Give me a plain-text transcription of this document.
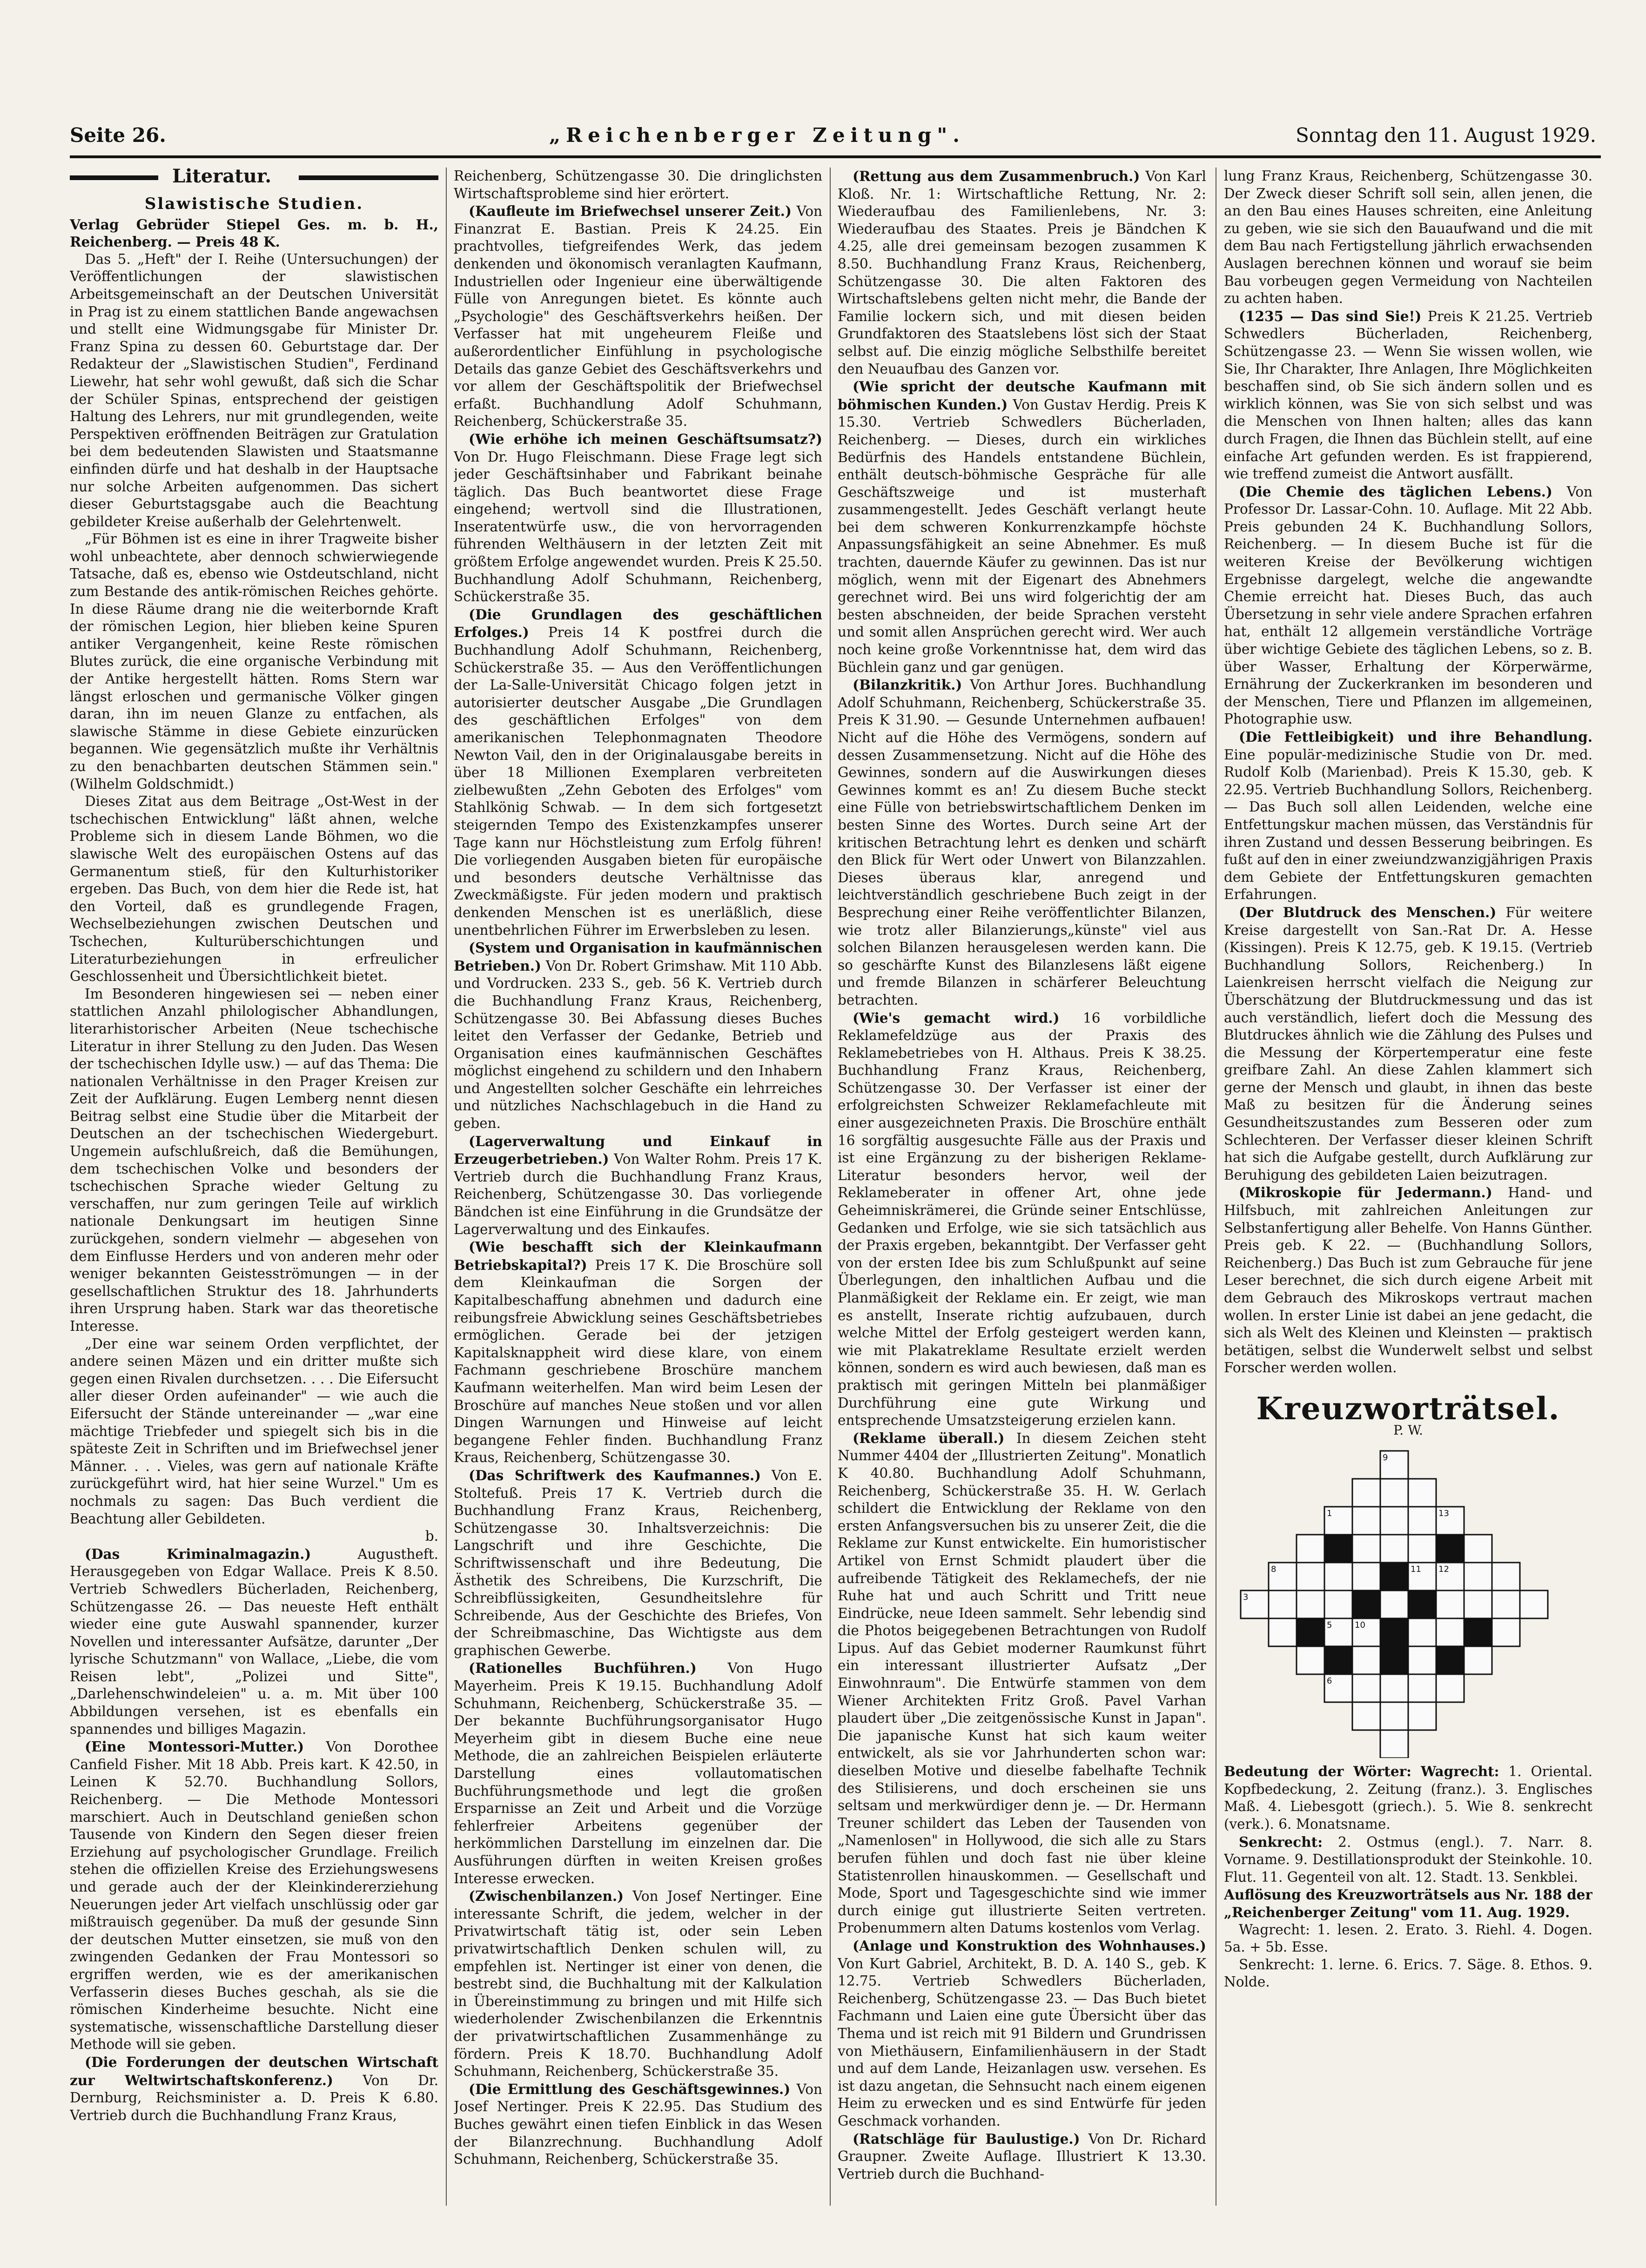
Seite 26.	„Reichenberger Zeitung".	Sonntag den 11. August 1929.
Literatur.
Slawistische Studien.

Verlag Gebrüder Stiepel Ges. m. b. H., Reichenberg. — Preis 48 K.

Das 5. „Heft" der I. Reihe (Untersuchungen) der Veröffentlichungen der slawistischen Arbeitsgemeinschaft an der Deutschen Universität in Prag ist zu einem stattlichen Bande angewachsen und stellt eine Widmungsgabe für Minister Dr. Franz Spina zu dessen 60. Geburtstage dar. Der Redakteur der „Slawistischen Studien", Ferdinand Liewehr, hat sehr wohl gewußt, daß sich die Schar der Schüler Spinas, entsprechend der geistigen Haltung des Lehrers, nur mit grundlegenden, weite Perspektiven eröffnenden Beiträgen zur Gratulation bei dem bedeutenden Slawisten und Staatsmanne einfinden dürfe und hat deshalb in der Hauptsache nur solche Arbeiten aufgenommen. Das sichert dieser Geburtstagsgabe auch die Beachtung gebildeter Kreise außerhalb der Gelehrtenwelt.

„Für Böhmen ist es eine in ihrer Tragweite bisher wohl unbeachtete, aber dennoch schwierwiegende Tatsache, daß es, ebenso wie Ostdeutschland, nicht zum Bestande des antik-römischen Reiches gehörte. In diese Räume drang nie die weiterbornde Kraft der römischen Legion, hier blieben keine Spuren antiker Vergangenheit, keine Reste römischen Blutes zurück, die eine organische Verbindung mit der Antike hergestellt hätten. Roms Stern war längst erloschen und germanische Völker gingen daran, ihn im neuen Glanze zu entfachen, als slawische Stämme in diese Gebiete einzurücken begannen. Wie gegensätzlich mußte ihr Verhältnis zu den benachbarten deutschen Stämmen sein." (Wilhelm Goldschmidt.)

Dieses Zitat aus dem Beitrage „Ost-West in der tschechischen Entwicklung" läßt ahnen, welche Probleme sich in diesem Lande Böhmen, wo die slawische Welt des europäischen Ostens auf das Germanentum stieß, für den Kulturhistoriker ergeben. Das Buch, von dem hier die Rede ist, hat den Vorteil, daß es grundlegende Fragen, Wechselbeziehungen zwischen Deutschen und Tschechen, Kulturüberschichtungen und Literaturbeziehungen in erfreulicher Geschlossenheit und Übersichtlichkeit bietet.

Im Besonderen hingewiesen sei — neben einer stattlichen Anzahl philologischer Abhandlungen, literarhistorischer Arbeiten (Neue tschechische Literatur in ihrer Stellung zu den Juden. Das Wesen der tschechischen Idylle usw.) — auf das Thema: Die nationalen Verhältnisse in den Prager Kreisen zur Zeit der Aufklärung. Eugen Lemberg nennt diesen Beitrag selbst eine Studie über die Mitarbeit der Deutschen an der tschechischen Wiedergeburt. Ungemein aufschlußreich, daß die Bemühungen, dem tschechischen Volke und besonders der tschechischen Sprache wieder Geltung zu verschaffen, nur zum geringen Teile auf wirklich nationale Denkungsart im heutigen Sinne zurückgehen, sondern vielmehr — abgesehen von dem Einflusse Herders und von anderen mehr oder weniger bekannten Geistesströmungen — in der gesellschaftlichen Struktur des 18. Jahrhunderts ihren Ursprung haben. Stark war das theoretische Interesse.

„Der eine war seinem Orden verpflichtet, der andere seinen Mäzen und ein dritter mußte sich gegen einen Rivalen durchsetzen. . . . Die Eifersucht aller dieser Orden aufeinander" — wie auch die Eifersucht der Stände untereinander — „war eine mächtige Triebfeder und spiegelt sich bis in die späteste Zeit in Schriften und im Briefwechsel jener Männer. . . . Vieles, was gern auf nationale Kräfte zurückgeführt wird, hat hier seine Wurzel." Um es nochmals zu sagen: Das Buch verdient die Beachtung aller Gebildeten.

b.

(Das Kriminalmagazin.)	Augustheft. Herausgegeben von Edgar Wallace. Preis K 8.50. Vertrieb Schwedlers Bücherladen, Reichenberg, Schützengasse 26. — Das neueste Heft enthält wieder eine gute Auswahl spannender, kurzer Novellen und interessanter Aufsätze, darunter „Der lyrische Schutzmann" von Wallace, „Liebe, die vom Reisen lebt", „Polizei und Sitte", „Darlehenschwindeleien" u. a. m. Mit über 100 Abbildungen versehen, ist es ebenfalls ein spannendes und billiges Magazin.

(Eine Montessori-Mutter.) Von Dorothee Canfield Fisher. Mit 18 Abb. Preis kart. K 42.50, in Leinen K 52.70. Buchhandlung Sollors, Reichenberg. — Die Methode Montessori marschiert. Auch in Deutschland genießen schon Tausende von Kindern den Segen dieser freien Erziehung auf psychologischer Grundlage. Freilich stehen die offiziellen Kreise des Erziehungswesens und gerade auch der der Kleinkindererziehung Neuerungen jeder Art vielfach unschlüssig oder gar mißtrauisch gegenüber. Da muß der gesunde Sinn der deutschen Mutter einsetzen, sie muß von den zwingenden Gedanken der Frau Montessori so ergriffen werden, wie es der amerikanischen Verfasserin dieses Buches geschah, als sie die römischen Kinderheime besuchte. Nicht eine systematische, wissenschaftliche Darstellung dieser Methode will sie geben.

(Die Forderungen der deutschen Wirtschaft zur Weltwirtschaftskonferenz.) Von Dr. Dernburg, Reichsminister a. D. Preis K 6.80. Vertrieb durch die Buchhandlung Franz Kraus,

Reichenberg, Schützengasse 30. Die dringlichsten Wirtschaftsprobleme sind hier erörtert.

(Kaufleute im Briefwechsel unserer Zeit.) Von Finanzrat E. Bastian. Preis K 24.25. Ein prachtvolles, tiefgreifendes Werk, das jedem denkenden und ökonomisch veranlagten Kaufmann, Industriellen oder Ingenieur eine überwältigende Fülle von Anregungen bietet. Es könnte auch „Psychologie" des Geschäftsverkehrs heißen. Der Verfasser hat mit ungeheurem Fleiße und außerordentlicher Einfühlung in psychologische Details das ganze Gebiet des Geschäftsverkehrs und vor allem der Geschäftspolitik der Briefwechsel erfaßt. Buchhandlung Adolf Schuhmann, Reichenberg, Schückerstraße 35.

(Wie erhöhe ich meinen Geschäftsumsatz?) Von Dr. Hugo Fleischmann. Diese Frage legt sich jeder Geschäftsinhaber und Fabrikant beinahe täglich. Das Buch beantwortet diese Frage eingehend; wertvoll sind die Illustrationen, Inseratentwürfe usw., die von hervorragenden führenden Welthäusern in der letzten Zeit mit größtem Erfolge angewendet wurden. Preis K 25.50. Buchhandlung Adolf Schuhmann, Reichenberg, Schückerstraße 35.

(Die Grundlagen des geschäftlichen Erfolges.) Preis 14 K postfrei durch die Buchhandlung Adolf Schuhmann, Reichenberg, Schückerstraße 35. — Aus den Veröffentlichungen der La-Salle-Universität Chicago folgen jetzt in autorisierter deutscher Ausgabe „Die Grundlagen des geschäftlichen Erfolges" von dem amerikanischen Telephonmagnaten Theodore Newton Vail, den in der Originalausgabe bereits in über 18 Millionen Exemplaren verbreiteten zielbewußten „Zehn Geboten des Erfolges" vom Stahlkönig Schwab. — In dem sich fortgesetzt steigernden Tempo des Existenzkampfes unserer Tage kann nur Höchstleistung zum Erfolg führen! Die vorliegenden Ausgaben bieten für europäische und besonders deutsche Verhältnisse das Zweckmäßigste. Für jeden modern und praktisch denkenden Menschen ist es unerläßlich, diese unentbehrlichen Führer im Erwerbsleben zu lesen.

(System und Organisation in kaufmännischen Betrieben.) Von Dr. Robert Grimshaw. Mit 110 Abb. und Vordrucken. 233 S., geb. 56 K. Vertrieb durch die Buchhandlung Franz Kraus, Reichenberg, Schützengasse 30. Bei Abfassung dieses Buches leitet den Verfasser der Gedanke, Betrieb und Organisation eines kaufmännischen Geschäftes möglichst eingehend zu schildern und den Inhabern und Angestellten solcher Geschäfte ein lehrreiches und nützliches Nachschlagebuch in die Hand zu geben.

(Lagerverwaltung und Einkauf in Erzeugerbetrieben.) Von Walter Rohm. Preis 17 K. Vertrieb durch die Buchhandlung Franz Kraus, Reichenberg, Schützengasse 30. Das vorliegende Bändchen ist eine Einführung in die Grundsätze der Lagerverwaltung und des Einkaufes.

(Wie beschafft sich der Kleinkaufmann Betriebskapital?) Preis 17 K. Die Broschüre soll dem Kleinkaufman die Sorgen der Kapitalbeschaffung abnehmen und dadurch eine reibungsfreie Abwicklung seines Geschäftsbetriebes ermöglichen. Gerade bei der jetzigen Kapitalsknappheit wird diese klare, von einem Fachmann geschriebene Broschüre manchem Kaufmann weiterhelfen. Man wird beim Lesen der Broschüre auf manches Neue stoßen und vor allen Dingen Warnungen und Hinweise auf leicht begangene Fehler finden. Buchhandlung Franz Kraus, Reichenberg, Schützengasse 30.

(Das Schriftwerk des Kaufmannes.) Von E. Stoltefuß. Preis 17 K. Vertrieb durch die Buchhandlung Franz Kraus, Reichenberg, Schützengasse 30. Inhaltsverzeichnis: Die Langschrift und ihre Geschichte, Die Schriftwissenschaft und ihre Bedeutung, Die Ästhetik des Schreibens, Die Kurzschrift, Die Schreibflüssigkeiten, Gesundheitslehre für Schreibende, Aus der Geschichte des Briefes, Von der Schreibmaschine, Das Wichtigste aus dem graphischen Gewerbe.

(Rationelles Buchführen.) Von Hugo Mayerheim. Preis K 19.15. Buchhandlung Adolf Schuhmann, Reichenberg, Schückerstraße 35. — Der bekannte Buchführungsorganisator Hugo Meyerheim gibt in diesem Buche eine neue Methode, die an zahlreichen Beispielen erläuterte Darstellung eines vollautomatischen Buchführungsmethode und legt die großen Ersparnisse an Zeit und Arbeit und die Vorzüge fehlerfreier Arbeitens gegenüber der herkömmlichen Darstellung im einzelnen dar. Die Ausführungen dürften in weiten Kreisen großes Interesse erwecken.

(Zwischenbilanzen.) Von Josef Nertinger. Eine interessante Schrift, die jedem, welcher in der Privatwirtschaft tätig ist, oder sein Leben privatwirtschaftlich Denken schulen will, zu empfehlen ist. Nertinger ist einer von denen, die bestrebt sind, die Buchhaltung mit der Kalkulation in Übereinstimmung zu bringen und mit Hilfe sich wiederholender Zwischenbilanzen die Erkenntnis der privatwirtschaftlichen Zusammenhänge zu fördern. Preis K 18.70. Buchhandlung Adolf Schuhmann, Reichenberg, Schückerstraße 35.

(Die Ermittlung des Geschäftsgewinnes.) Von Josef Nertinger. Preis K 22.95. Das Studium des Buches gewährt einen tiefen Einblick in das Wesen der Bilanzrechnung. Buchhandlung Adolf Schuhmann, Reichenberg, Schückerstraße 35.

(Rettung aus dem Zusammenbruch.) Von Karl Kloß. Nr. 1: Wirtschaftliche Rettung, Nr. 2: Wiederaufbau des Familienlebens, Nr. 3: Wiederaufbau des Staates. Preis je Bändchen K 4.25, alle drei gemeinsam bezogen zusammen K 8.50. Buchhandlung Franz Kraus, Reichenberg, Schützengasse 30. Die alten Faktoren des Wirtschaftslebens gelten nicht mehr, die Bande der Familie lockern sich, und mit diesen beiden Grundfaktoren des Staatslebens löst sich der Staat selbst auf. Die einzig mögliche Selbsthilfe bereitet den Neuaufbau des Ganzen vor.

(Wie spricht der deutsche Kaufmann mit böhmischen Kunden.) Von Gustav Herdig. Preis K 15.30. Vertrieb Schwedlers Bücherladen, Reichenberg. — Dieses, durch ein wirkliches Bedürfnis des Handels entstandene Büchlein, enthält deutsch-böhmische Gespräche für alle Geschäftszweige und ist musterhaft zusammengestellt. Jedes Geschäft verlangt heute bei dem schweren Konkurrenzkampfe höchste Anpassungsfähigkeit an seine Abnehmer. Es muß trachten, dauernde Käufer zu gewinnen. Das ist nur möglich, wenn mit der Eigenart des Abnehmers gerechnet wird. Bei uns wird folgerichtig der am besten abschneiden, der beide Sprachen versteht und somit allen Ansprüchen gerecht wird. Wer auch noch keine große Vorkenntnisse hat, dem wird das Büchlein ganz und gar genügen.

(Bilanzkritik.) Von Arthur Jores. Buchhandlung Adolf Schuhmann, Reichenberg, Schückerstraße 35. Preis K 31.90. — Gesunde Unternehmen aufbauen! Nicht auf die Höhe des Vermögens, sondern auf dessen Zusammensetzung. Nicht auf die Höhe des Gewinnes, sondern auf die Auswirkungen dieses Gewinnes kommt es an! Zu diesem Buche steckt eine Fülle von betriebswirtschaftlichem Denken im besten Sinne des Wortes. Durch seine Art der kritischen Betrachtung lehrt es denken und schärft den Blick für Wert oder Unwert von Bilanzzahlen. Dieses überaus klar, anregend und leichtverständlich geschriebene Buch zeigt in der Besprechung einer Reihe veröffentlichter Bilanzen, wie trotz aller Bilanzierungs„künste" viel aus solchen Bilanzen herausgelesen werden kann. Die so geschärfte Kunst des Bilanzlesens läßt eigene und fremde Bilanzen in schärferer Beleuchtung betrachten.

(Wie's gemacht wird.) 16 vorbildliche Reklamefeldzüge aus der Praxis des Reklamebetriebes von H. Althaus. Preis K 38.25. Buchhandlung Franz Kraus, Reichenberg, Schützengasse 30. Der Verfasser ist einer der erfolgreichsten Schweizer Reklamefachleute mit einer ausgezeichneten Praxis. Die Broschüre enthält 16 sorgfältig ausgesuchte Fälle aus der Praxis und ist eine Ergänzung zu der bisherigen Reklame-Literatur besonders hervor, weil der Reklameberater in offener Art, ohne jede Geheimniskrämerei, die Gründe seiner Entschlüsse, Gedanken und Erfolge, wie sie sich tatsächlich aus der Praxis ergeben, bekanntgibt. Der Verfasser geht von der ersten Idee bis zum Schlußpunkt auf seine Überlegungen, den inhaltlichen Aufbau und die Planmäßigkeit der Reklame ein. Er zeigt, wie man es anstellt, Inserate richtig aufzubauen, durch welche Mittel der Erfolg gesteigert werden kann, wie mit Plakatreklame Resultate erzielt werden können, sondern es wird auch bewiesen, daß man es praktisch mit geringen Mitteln bei planmäßiger Durchführung eine gute Wirkung und entsprechende Umsatzsteigerung erzielen kann.

(Reklame überall.) In diesem Zeichen steht Nummer 4404 der „Illustrierten Zeitung". Monatlich K 40.80. Buchhandlung Adolf Schuhmann, Reichenberg, Schückerstraße 35. H. W. Gerlach schildert die Entwicklung der Reklame von den ersten Anfangsversuchen bis zu unserer Zeit, die die Reklame zur Kunst entwickelte. Ein humoristischer Artikel von Ernst Schmidt plaudert über die aufreibende Tätigkeit des Reklamechefs, der nie Ruhe hat und auch Schritt und Tritt neue Eindrücke, neue Ideen sammelt. Sehr lebendig sind die Photos beigegebenen Betrachtungen von Rudolf Lipus. Auf das Gebiet moderner Raumkunst führt ein interessant illustrierter Aufsatz „Der Einwohnraum". Die Entwürfe stammen von dem Wiener Architekten Fritz Groß. Pavel Varhan plaudert über „Die zeitgenössische Kunst in Japan". Die japanische Kunst hat sich kaum weiter entwickelt, als sie vor Jahrhunderten schon war: dieselben Motive und dieselbe fabelhafte Technik des Stilisierens, und doch erscheinen sie uns seltsam und merkwürdiger denn je. — Dr. Hermann Treuner schildert das Leben der Tausenden von „Namenlosen" in Hollywood, die sich alle zu Stars berufen fühlen und doch fast nie über kleine Statistenrollen hinauskommen. — Gesellschaft und Mode, Sport und Tagesgeschichte sind wie immer durch einige gut illustrierte Seiten vertreten. Probenummern alten Datums kostenlos vom Verlag.

(Anlage und Konstruktion des Wohnhauses.) Von Kurt Gabriel, Architekt, B. D. A. 140 S., geb. K 12.75. Vertrieb Schwedlers Bücherladen, Reichenberg, Schützengasse 23. — Das Buch bietet Fachmann und Laien eine gute Übersicht über das Thema und ist reich mit 91 Bildern und Grundrissen von Miethäusern, Einfamilienhäusern in der Stadt und auf dem Lande, Heizanlagen usw. versehen. Es ist dazu angetan, die Sehnsucht nach einem eigenen Heim zu erwecken und es sind Entwürfe für jeden Geschmack vorhanden.

(Ratschläge für Baulustige.) Von Dr. Richard Graupner. Zweite Auflage. Illustriert K 13.30. Vertrieb durch die Buchhand-

lung Franz Kraus, Reichenberg, Schützengasse 30. Der Zweck dieser Schrift soll sein, allen jenen, die an den Bau eines Hauses schreiten, eine Anleitung zu geben, wie sie sich den Bauaufwand und die mit dem Bau nach Fertigstellung jährlich erwachsenden Auslagen berechnen können und worauf sie beim Bau vorbeugen gegen Vermeidung von Nachteilen zu achten haben.

(1235 — Das sind Sie!) Preis K 21.25. Vertrieb Schwedlers Bücherladen, Reichenberg, Schützengasse 23. — Wenn Sie wissen wollen, wie Sie, Ihr Charakter, Ihre Anlagen, Ihre Möglichkeiten beschaffen sind, ob Sie sich ändern sollen und es wirklich können, was Sie von sich selbst und was die Menschen von Ihnen halten; alles das kann durch Fragen, die Ihnen das Büchlein stellt, auf eine einfache Art gefunden werden. Es ist frappierend, wie treffend zumeist die Antwort ausfällt.

(Die Chemie des täglichen Lebens.) Von Professor Dr. Lassar-Cohn. 10. Auflage. Mit 22 Abb. Preis gebunden 24 K. Buchhandlung Sollors, Reichenberg. — In diesem Buche ist für die weiteren Kreise der Bevölkerung wichtigen Ergebnisse dargelegt, welche die angewandte Chemie erreicht hat. Dieses Buch, das auch Übersetzung in sehr viele andere Sprachen erfahren hat, enthält 12 allgemein verständliche Vorträge über wichtige Gebiete des täglichen Lebens, so z. B. über Wasser, Erhaltung der Körperwärme, Ernährung der Zuckerkranken im besonderen und der Menschen, Tiere und Pflanzen im allgemeinen, Photographie usw.

(Die Fettleibigkeit) und ihre Behandlung. Eine populär-medizinische Studie von Dr. med. Rudolf Kolb (Marienbad). Preis K 15.30, geb. K 22.95. Vertrieb Buchhandlung Sollors, Reichenberg. — Das Buch soll allen Leidenden, welche eine Entfettungskur machen müssen, das Verständnis für ihren Zustand und dessen Besserung beibringen. Es fußt auf den in einer zweiundzwanzigjährigen Praxis dem Gebiete der Entfettungskuren gemachten Erfahrungen.

(Der Blutdruck des Menschen.) Für weitere Kreise dargestellt von San.-Rat Dr. A. Hesse (Kissingen). Preis K 12.75, geb. K 19.15. (Vertrieb Buchhandlung Sollors, Reichenberg.) In Laienkreisen herrscht vielfach die Neigung zur Überschätzung der Blutdruckmessung und das ist auch verständlich, liefert doch die Messung des Blutdruckes ähnlich wie die Zählung des Pulses und die Messung der Körpertemperatur eine feste greifbare Zahl. An diese Zahlen klammert sich gerne der Mensch und glaubt, in ihnen das beste Maß zu besitzen für die Änderung seines Gesundheitszustandes zum Besseren oder zum Schlechteren. Der Verfasser dieser kleinen Schrift hat sich die Aufgabe gestellt, durch Aufklärung zur Beruhigung des gebildeten Laien beizutragen.

(Mikroskopie für Jedermann.) Hand- und Hilfsbuch, mit zahlreichen Anleitungen zur Selbstanfertigung aller Behelfe. Von Hanns Günther. Preis geb. K 22. — (Buchhandlung Sollors, Reichenberg.) Das Buch ist zum Gebrauche für jene Leser berechnet, die sich durch eigene Arbeit mit dem Gebrauch des Mikroskops vertraut machen wollen. In erster Linie ist dabei an jene gedacht, die sich als Welt des Kleinen und Kleinsten — praktisch betätigen, selbst die Wunderwelt selbst und selbst Forscher werden wollen.

Kreuzworträtsel.
P. W.
9
1	13
8	11 12
3
5	10
6

Bedeutung der Wörter: Wagrecht: 1. Oriental. Kopfbedeckung, 2. Zeitung (franz.). 3. Englisches Maß. 4. Liebesgott (griech.). 5. Wie 8. senkrecht (verk.). 6. Monatsname.

Senkrecht: 2. Ostmus (engl.). 7. Narr. 8. Vorname. 9. Destillationsprodukt der Steinkohle. 10. Flut. 11. Gegenteil von alt. 12. Stadt. 13. Senkblei.

Auflösung des Kreuzworträtsels aus Nr. 188 der „Reichenberger Zeitung" vom 11. Aug. 1929.

Wagrecht: 1. lesen. 2. Erato. 3. Riehl. 4. Dogen. 5a. + 5b. Esse.

Senkrecht: 1. lerne. 6. Erics. 7. Säge. 8. Ethos. 9. Nolde.
